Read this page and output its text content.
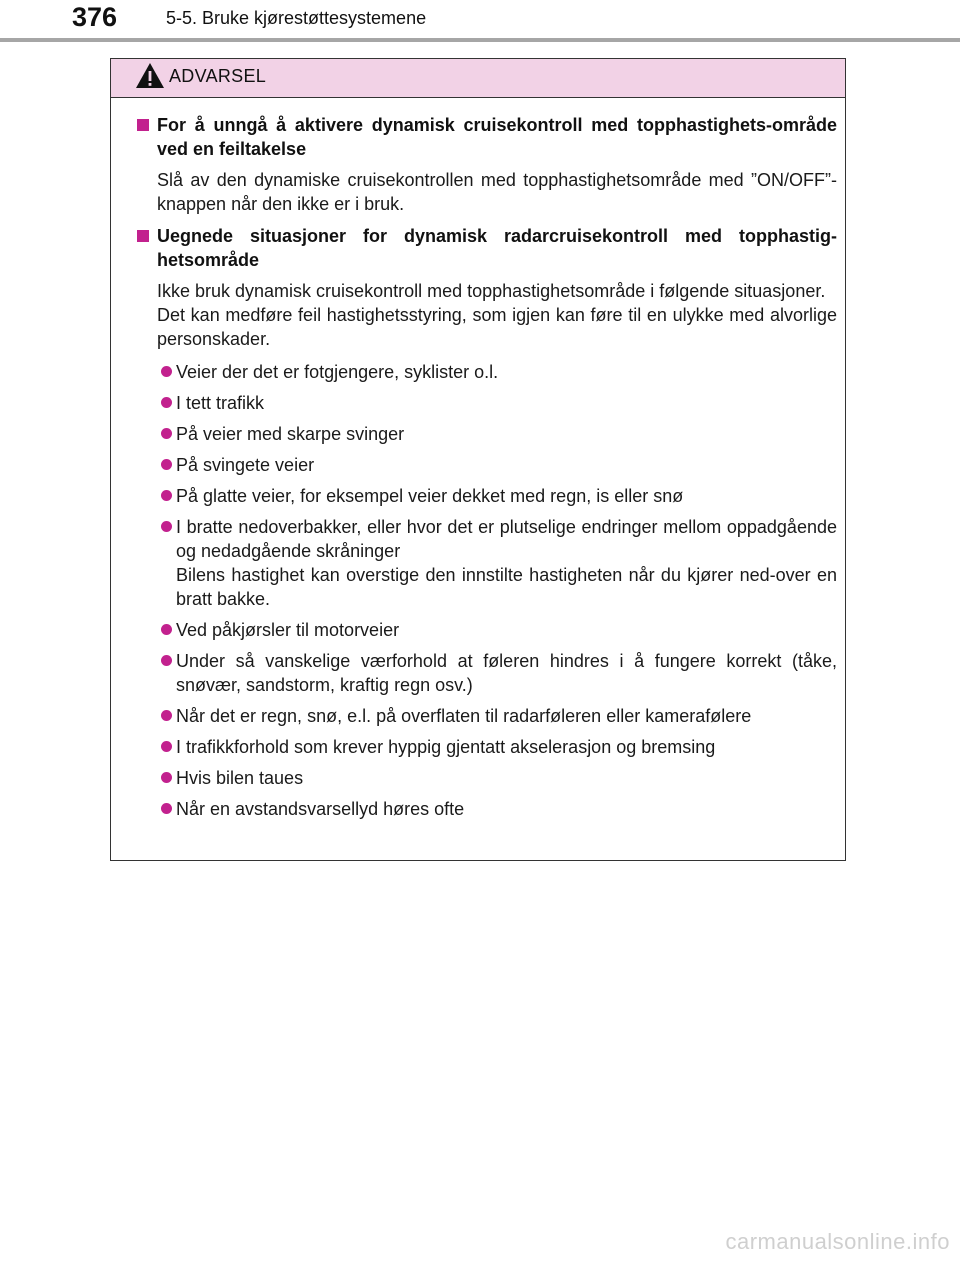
376	5-5. Bruke kjørestøttesystemene
ADVARSEL
For å unngå å aktivere dynamisk cruisekontroll med topphastighets-område ved en feiltakelse

Slå av den dynamiske cruisekontrollen med topphastighetsområde med ”ON/OFF”-knappen når den ikke er i bruk.

Uegnede situasjoner for dynamisk radarcruisekontroll med topphastig-hetsområde

Ikke bruk dynamisk cruisekontroll med topphastighetsområde i følgende situasjoner.

Det kan medføre feil hastighetsstyring, som igjen kan føre til en ulykke med alvorlige personskader.

Veier der det er fotgjengere, syklister o.l.

I tett trafikk

På veier med skarpe svinger

På svingete veier

På glatte veier, for eksempel veier dekket med regn, is eller snø

I bratte nedoverbakker, eller hvor det er plutselige endringer mellom oppadgående og nedadgående skråninger

Bilens hastighet kan overstige den innstilte hastigheten når du kjører ned-over en bratt bakke.

Ved påkjørsler til motorveier

Under så vanskelige værforhold at føleren hindres i å fungere korrekt (tåke, snøvær, sandstorm, kraftig regn osv.)

Når det er regn, snø, e.l. på overflaten til radarføleren eller kamerafølere

I trafikkforhold som krever hyppig gjentatt akselerasjon og bremsing

Hvis bilen taues

Når en avstandsvarsellyd høres ofte

carmanualsonline.info
